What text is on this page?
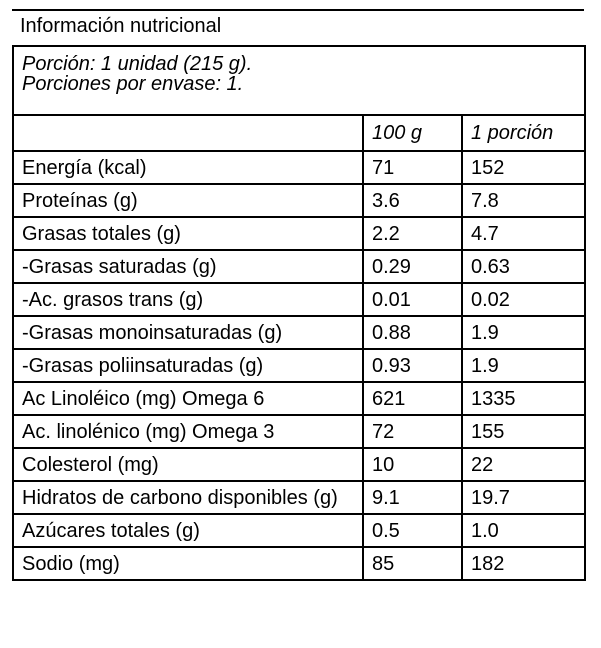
Información nutricional
Porción: 1 unidad (215 g).
Porciones por envase: 1.		

	100 g	1 porción
Energía (kcal)	71	152
Proteínas (g)	3.6	7.8
Grasas totales (g)	2.2	4.7
-Grasas saturadas (g)	0.29	0.63
-Ac. grasos trans (g)	0.01	0.02
-Grasas monoinsaturadas (g)	0.88	1.9
-Grasas poliinsaturadas (g)	0.93	1.9
Ac Linoléico (mg) Omega 6	621	1335
Ac. linolénico (mg) Omega 3	72	155
Colesterol (mg)	10	22
Hidratos de carbono disponibles (g)	9.1	19.7
Azúcares totales (g)	0.5	1.0
Sodio (mg)	85	182
